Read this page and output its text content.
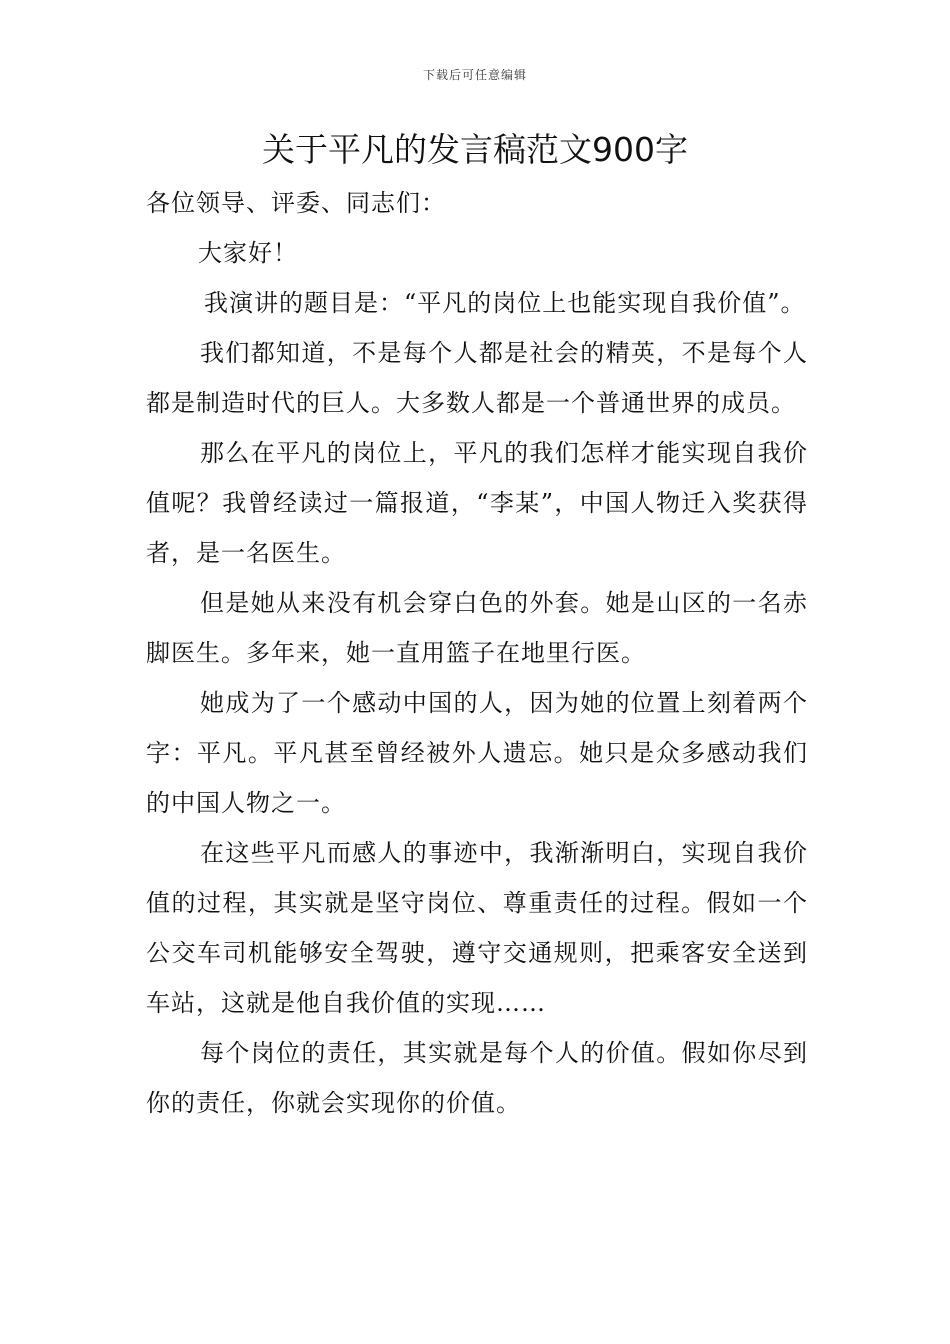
下载后可任意编辑
关于平凡的发言稿范文900字

各位领导、评委、同志们：

大家好！

我演讲的题目是：“平凡的岗位上也能实现自我价值”。

我们都知道，不是每个人都是社会的精英，不是每个人都是制造时代的巨人。大多数人都是一个普通世界的成员。

那么在平凡的岗位上，平凡的我们怎样才能实现自我价值呢？我曾经读过一篇报道，“李某”，中国人物迁入奖获得者，是一名医生。

但是她从来没有机会穿白色的外套。她是山区的一名赤脚医生。多年来，她一直用篮子在地里行医。

她成为了一个感动中国的人，因为她的位置上刻着两个字：平凡。平凡甚至曾经被外人遗忘。她只是众多感动我们的中国人物之一。

在这些平凡而感人的事迹中，我渐渐明白，实现自我价值的过程，其实就是坚守岗位、尊重责任的过程。假如一个公交车司机能够安全驾驶，遵守交通规则，把乘客安全送到车站，这就是他自我价值的实现……

每个岗位的责任，其实就是每个人的价值。假如你尽到你的责任，你就会实现你的价值。
